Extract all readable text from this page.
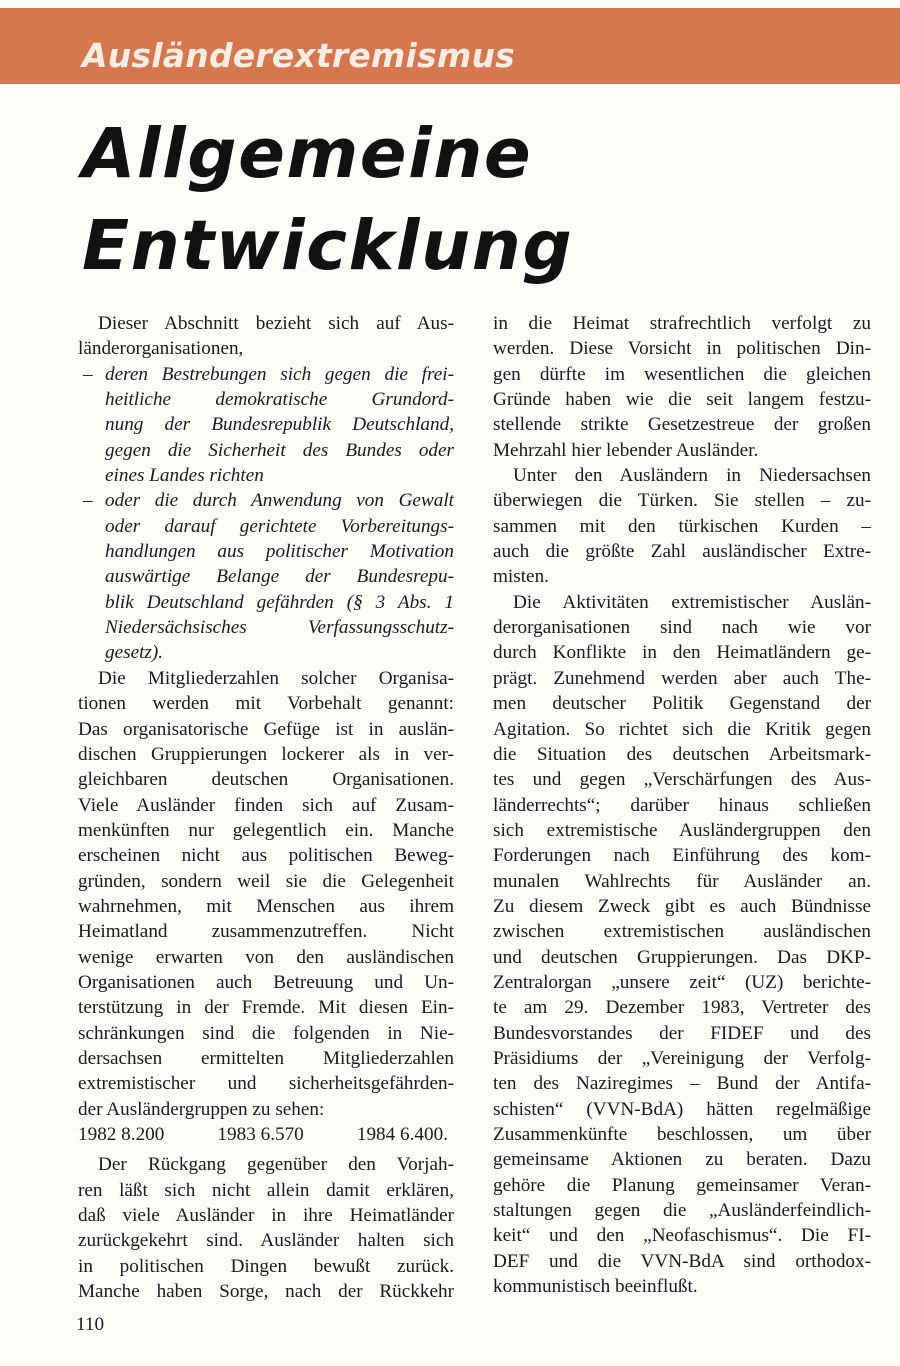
Ausländerextremismus
Allgemeine
Entwicklung

Dieser Abschnitt bezieht sich auf Aus-

länderorganisationen,

–
deren Bestrebungen sich gegen die frei-

heitliche demokratische Grundord-

nung der Bundesrepublik Deutschland,

gegen die Sicherheit des Bundes oder

eines Landes richten

–
oder die durch Anwendung von Gewalt

oder darauf gerichtete Vorbereitungs-

handlungen aus politischer Motivation

auswärtige Belange der Bundesrepu-

blik Deutschland gefährden (§ 3 Abs. 1

Niedersächsisches Verfassungsschutz-

gesetz).

Die Mitgliederzahlen solcher Organisa-

tionen werden mit Vorbehalt genannt:

Das organisatorische Gefüge ist in auslän-

dischen Gruppierungen lockerer als in ver-

gleichbaren deutschen Organisationen.

Viele Ausländer finden sich auf Zusam-

menkünften nur gelegentlich ein. Manche

erscheinen nicht aus politischen Beweg-

gründen, sondern weil sie die Gelegenheit

wahrnehmen, mit Menschen aus ihrem

Heimatland zusammenzutreffen. Nicht

wenige erwarten von den ausländischen

Organisationen auch Betreuung und Un-

terstützung in der Fremde. Mit diesen Ein-

schränkungen sind die folgenden in Nie-

dersachsen ermittelten Mitgliederzahlen

extremistischer und sicherheitsgefährden-

der Ausländergruppen zu sehen:

1982 8.200	1983 6.570	1984 6.400.

Der Rückgang gegenüber den Vorjah-

ren läßt sich nicht allein damit erklären,

daß viele Ausländer in ihre Heimatländer

zurückgekehrt sind. Ausländer halten sich

in politischen Dingen bewußt zurück.

Manche haben Sorge, nach der Rückkehr

in die Heimat strafrechtlich verfolgt zu

werden. Diese Vorsicht in politischen Din-

gen dürfte im wesentlichen die gleichen

Gründe haben wie die seit langem festzu-

stellende strikte Gesetzestreue der großen

Mehrzahl hier lebender Ausländer.

Unter den Ausländern in Niedersachsen

überwiegen die Türken. Sie stellen – zu-

sammen mit den türkischen Kurden –

auch die größte Zahl ausländischer Extre-

misten.

Die Aktivitäten extremistischer Auslän-

derorganisationen sind nach wie vor

durch Konflikte in den Heimatländern ge-

prägt. Zunehmend werden aber auch The-

men deutscher Politik Gegenstand der

Agitation. So richtet sich die Kritik gegen

die Situation des deutschen Arbeitsmark-

tes und gegen „Verschärfungen des Aus-

länderrechts“; darüber hinaus schließen

sich extremistische Ausländergruppen den

Forderungen nach Einführung des kom-

munalen Wahlrechts für Ausländer an.

Zu diesem Zweck gibt es auch Bündnisse

zwischen extremistischen ausländischen

und deutschen Gruppierungen. Das DKP-

Zentralorgan „unsere zeit“ (UZ) berichte-

te am 29. Dezember 1983, Vertreter des

Bundesvorstandes der FIDEF und des

Präsidiums der „Vereinigung der Verfolg-

ten des Naziregimes – Bund der Antifa-

schisten“ (VVN-BdA) hätten regelmäßige

Zusammenkünfte beschlossen, um über

gemeinsame Aktionen zu beraten. Dazu

gehöre die Planung gemeinsamer Veran-

staltungen gegen die „Ausländerfeindlich-

keit“ und den „Neofaschismus“. Die FI-

DEF und die VVN-BdA sind orthodox-

kommunistisch beeinflußt.

110
